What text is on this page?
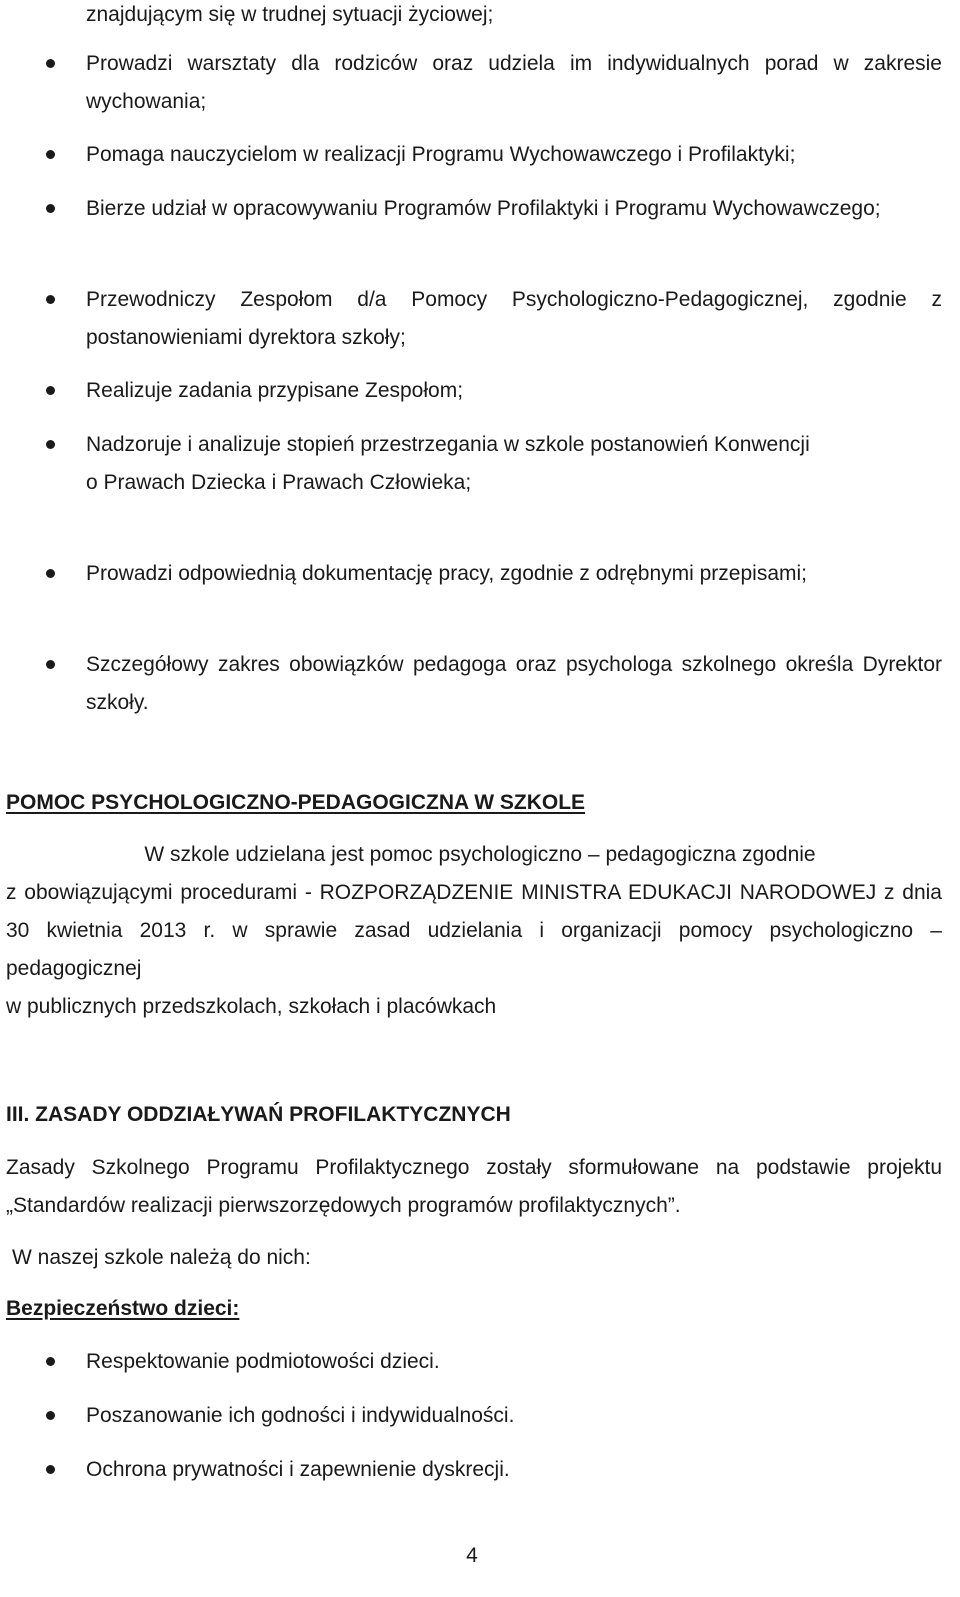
znajdującym się w trudnej sytuacji życiowej;
Prowadzi warsztaty dla rodziców oraz udziela im indywidualnych porad w zakresie wychowania;
Pomaga nauczycielom w realizacji Programu Wychowawczego i Profilaktyki;
Bierze udział w opracowywaniu Programów Profilaktyki i Programu Wychowawczego;
Przewodniczy Zespołom d/a Pomocy Psychologiczno-Pedagogicznej, zgodnie z postanowieniami dyrektora szkoły;
Realizuje zadania przypisane Zespołom;
Nadzoruje i analizuje stopień przestrzegania w szkole postanowień Konwencji
o Prawach Dziecka i Prawach Człowieka;
Prowadzi odpowiednią dokumentację pracy, zgodnie z odrębnymi przepisami;
Szczegółowy zakres obowiązków pedagoga oraz psychologa szkolnego określa Dyrektor szkoły.
POMOC PSYCHOLOGICZNO-PEDAGOGICZNA W SZKOLE
W szkole udzielana jest pomoc psychologiczno – pedagogiczna zgodnie
z obowiązującymi procedurami - ROZPORZĄDZENIE MINISTRA EDUKACJI NARODOWEJ z dnia 30 kwietnia 2013 r. w sprawie zasad udzielania i organizacji pomocy psychologiczno – pedagogicznej
w publicznych przedszkolach, szkołach i placówkach
III. ZASADY ODDZIAŁYWAŃ PROFILAKTYCZNYCH
Zasady Szkolnego Programu Profilaktycznego zostały sformułowane na podstawie projektu „Standardów realizacji pierwszorzędowych programów profilaktycznych”.
W naszej szkole należą do nich:
Bezpieczeństwo dzieci:
Respektowanie podmiotowości dzieci.
Poszanowanie ich godności i indywidualności.
Ochrona prywatności i zapewnienie dyskrecji.
4
